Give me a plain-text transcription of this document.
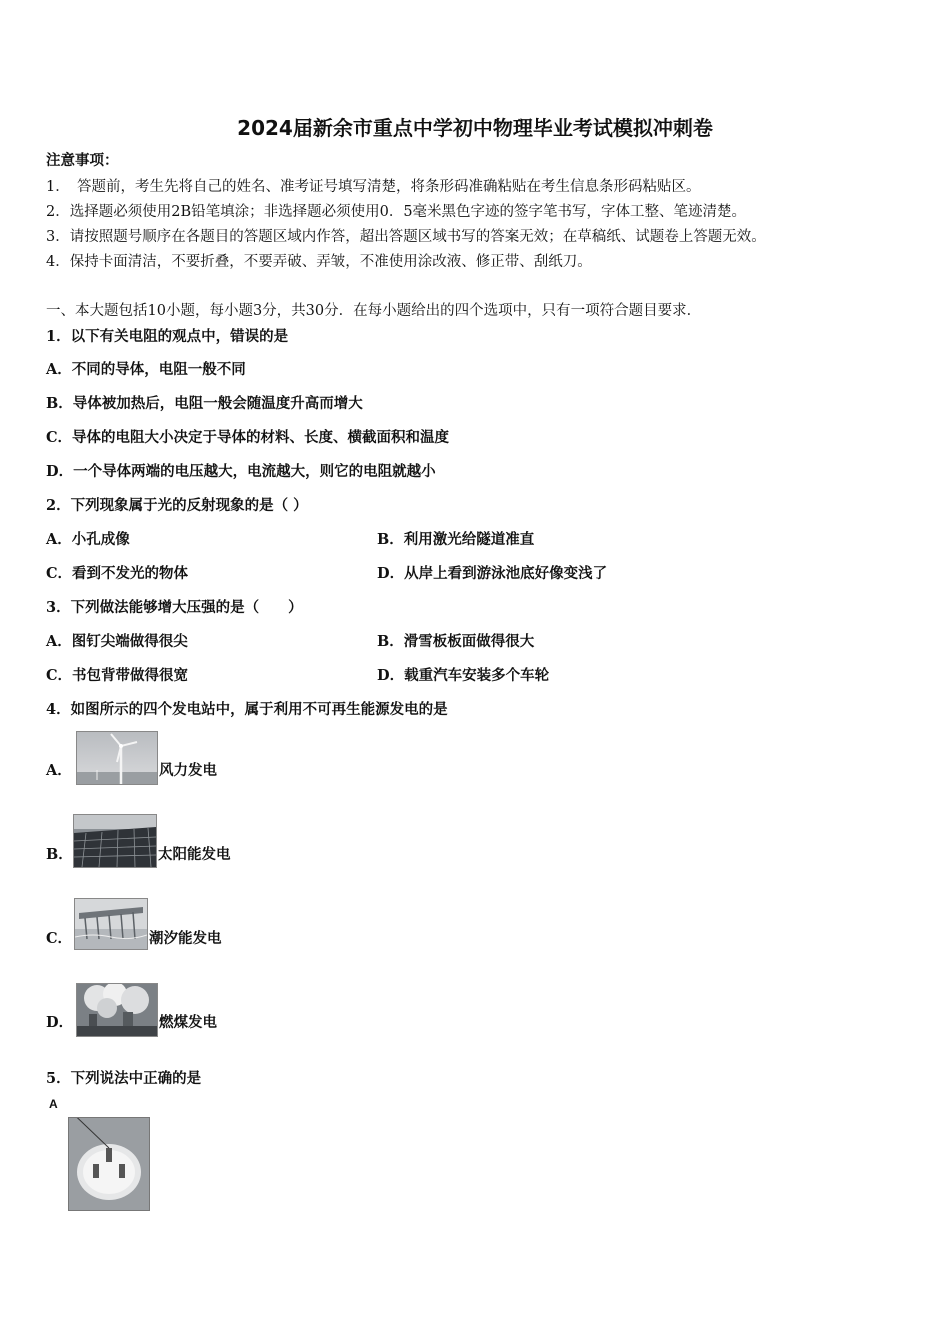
2024届新余市重点中学初中物理毕业考试模拟冲刺卷
注意事项：
1．　答题前，考生先将自己的姓名、准考证号填写清楚，将条形码准确粘贴在考生信息条形码粘贴区。
2．选择题必须使用2B铅笔填涂；非选择题必须使用0．5毫米黑色字迹的签字笔书写，字体工整、笔迹清楚。
3．请按照题号顺序在各题目的答题区域内作答，超出答题区域书写的答案无效；在草稿纸、试题卷上答题无效。
4．保持卡面清洁，不要折叠，不要弄破、弄皱，不准使用涂改液、修正带、刮纸刀。
一、本大题包括10小题，每小题3分，共30分．在每小题给出的四个选项中，只有一项符合题目要求．
1．以下有关电阻的观点中，错误的是
A．不同的导体，电阻一般不同
B．导体被加热后，电阻一般会随温度升高而增大
C．导体的电阻大小决定于导体的材料、长度、横截面积和温度
D．一个导体两端的电压越大，电流越大，则它的电阻就越小
2．下列现象属于光的反射现象的是（ ）
A．小孔成像	B．利用激光给隧道准直
C．看到不发光的物体	D．从岸上看到游泳池底好像变浅了
3．下列做法能够增大压强的是（　　）
A．图钉尖端做得很尖	B．滑雪板板面做得很大
C．书包背带做得很宽	D．载重汽车安装多个车轮
4．如图所示的四个发电站中，属于利用不可再生能源发电的是
A．	风力发电
B．	太阳能发电
C．	潮汐能发电
D．	燃煤发电
5．下列说法中正确的是
A
